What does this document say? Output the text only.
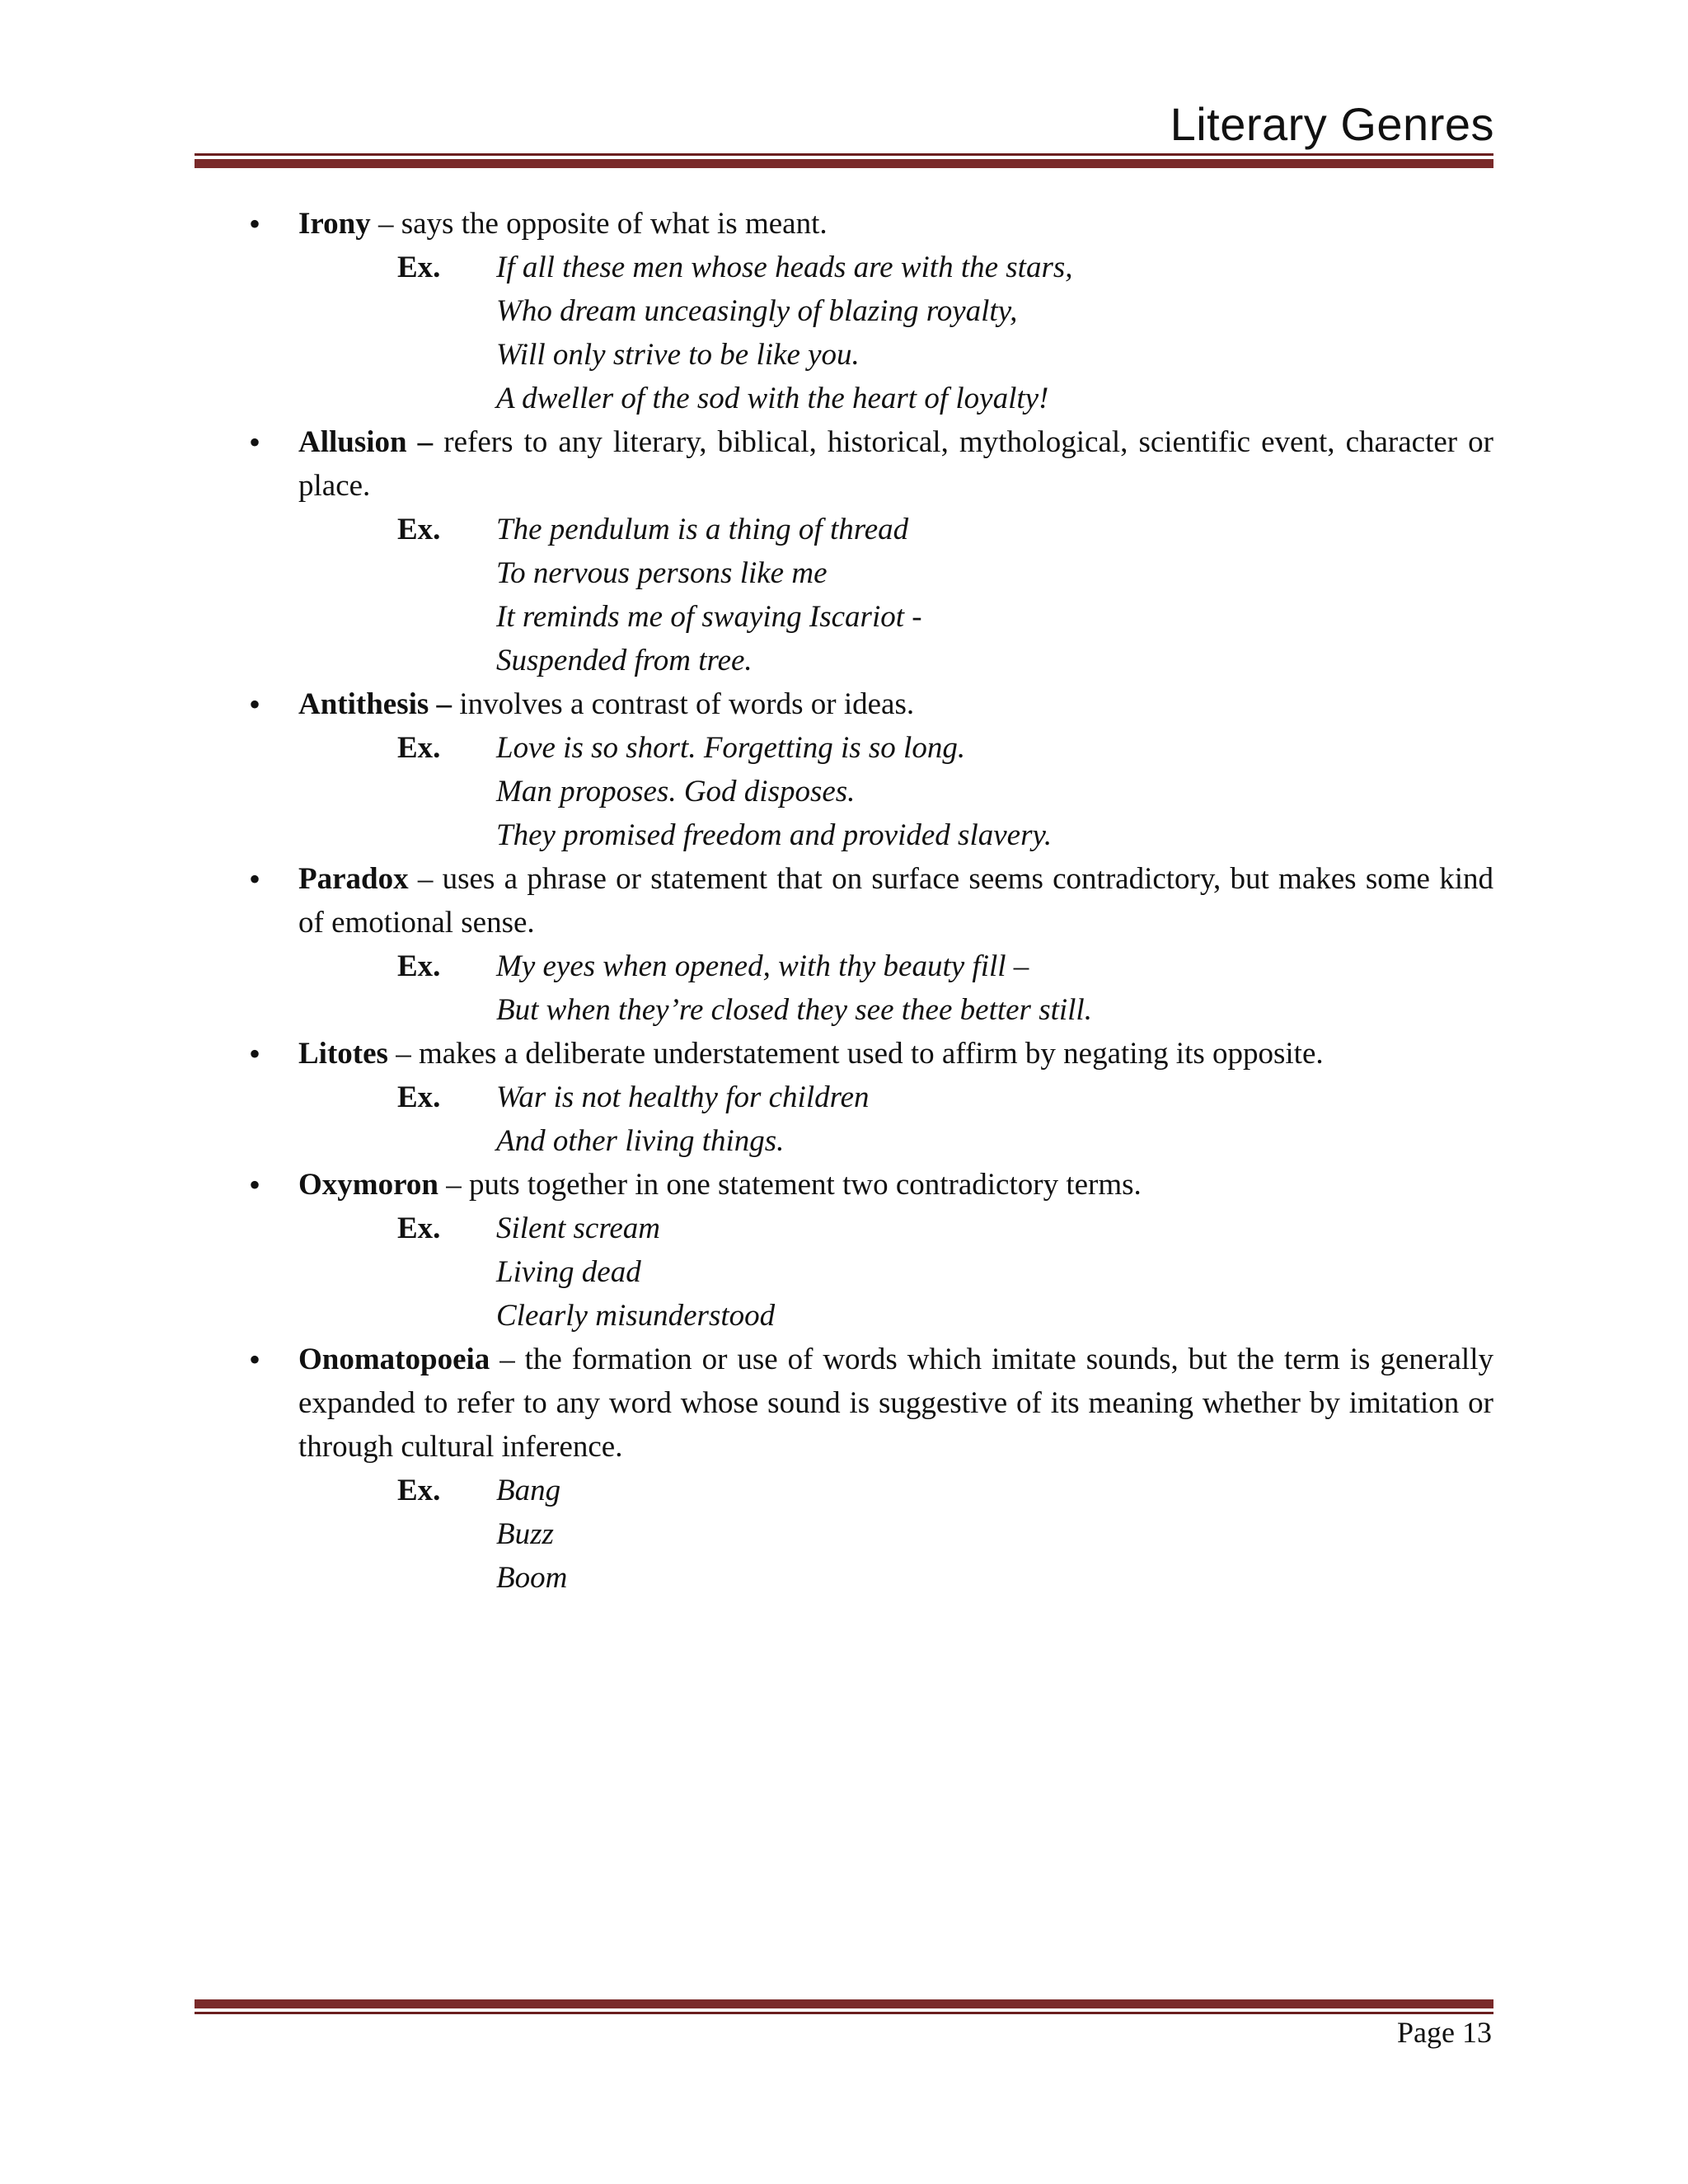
Literary Genres
• Irony – says the opposite of what is meant.
Ex. If all these men whose heads are with the stars,
Who dream unceasingly of blazing royalty,
Will only strive to be like you.
A dweller of the sod with the heart of loyalty!
• Allusion – refers to any literary, biblical, historical, mythological, scientific event, character or place.
Ex. The pendulum is a thing of thread
To nervous persons like me
It reminds me of swaying Iscariot -
Suspended from tree.
• Antithesis – involves a contrast of words or ideas.
Ex. Love is so short. Forgetting is so long.
Man proposes. God disposes.
They promised freedom and provided slavery.
• Paradox – uses a phrase or statement that on surface seems contradictory, but makes some kind of emotional sense.
Ex. My eyes when opened, with thy beauty fill –
But when they’re closed they see thee better still.
• Litotes – makes a deliberate understatement used to affirm by negating its opposite.
Ex. War is not healthy for children
And other living things.
• Oxymoron – puts together in one statement two contradictory terms.
Ex. Silent scream
Living dead
Clearly misunderstood
• Onomatopoeia – the formation or use of words which imitate sounds, but the term is generally expanded to refer to any word whose sound is suggestive of its meaning whether by imitation or through cultural inference.
Ex. Bang
Buzz
Boom
Page 13
